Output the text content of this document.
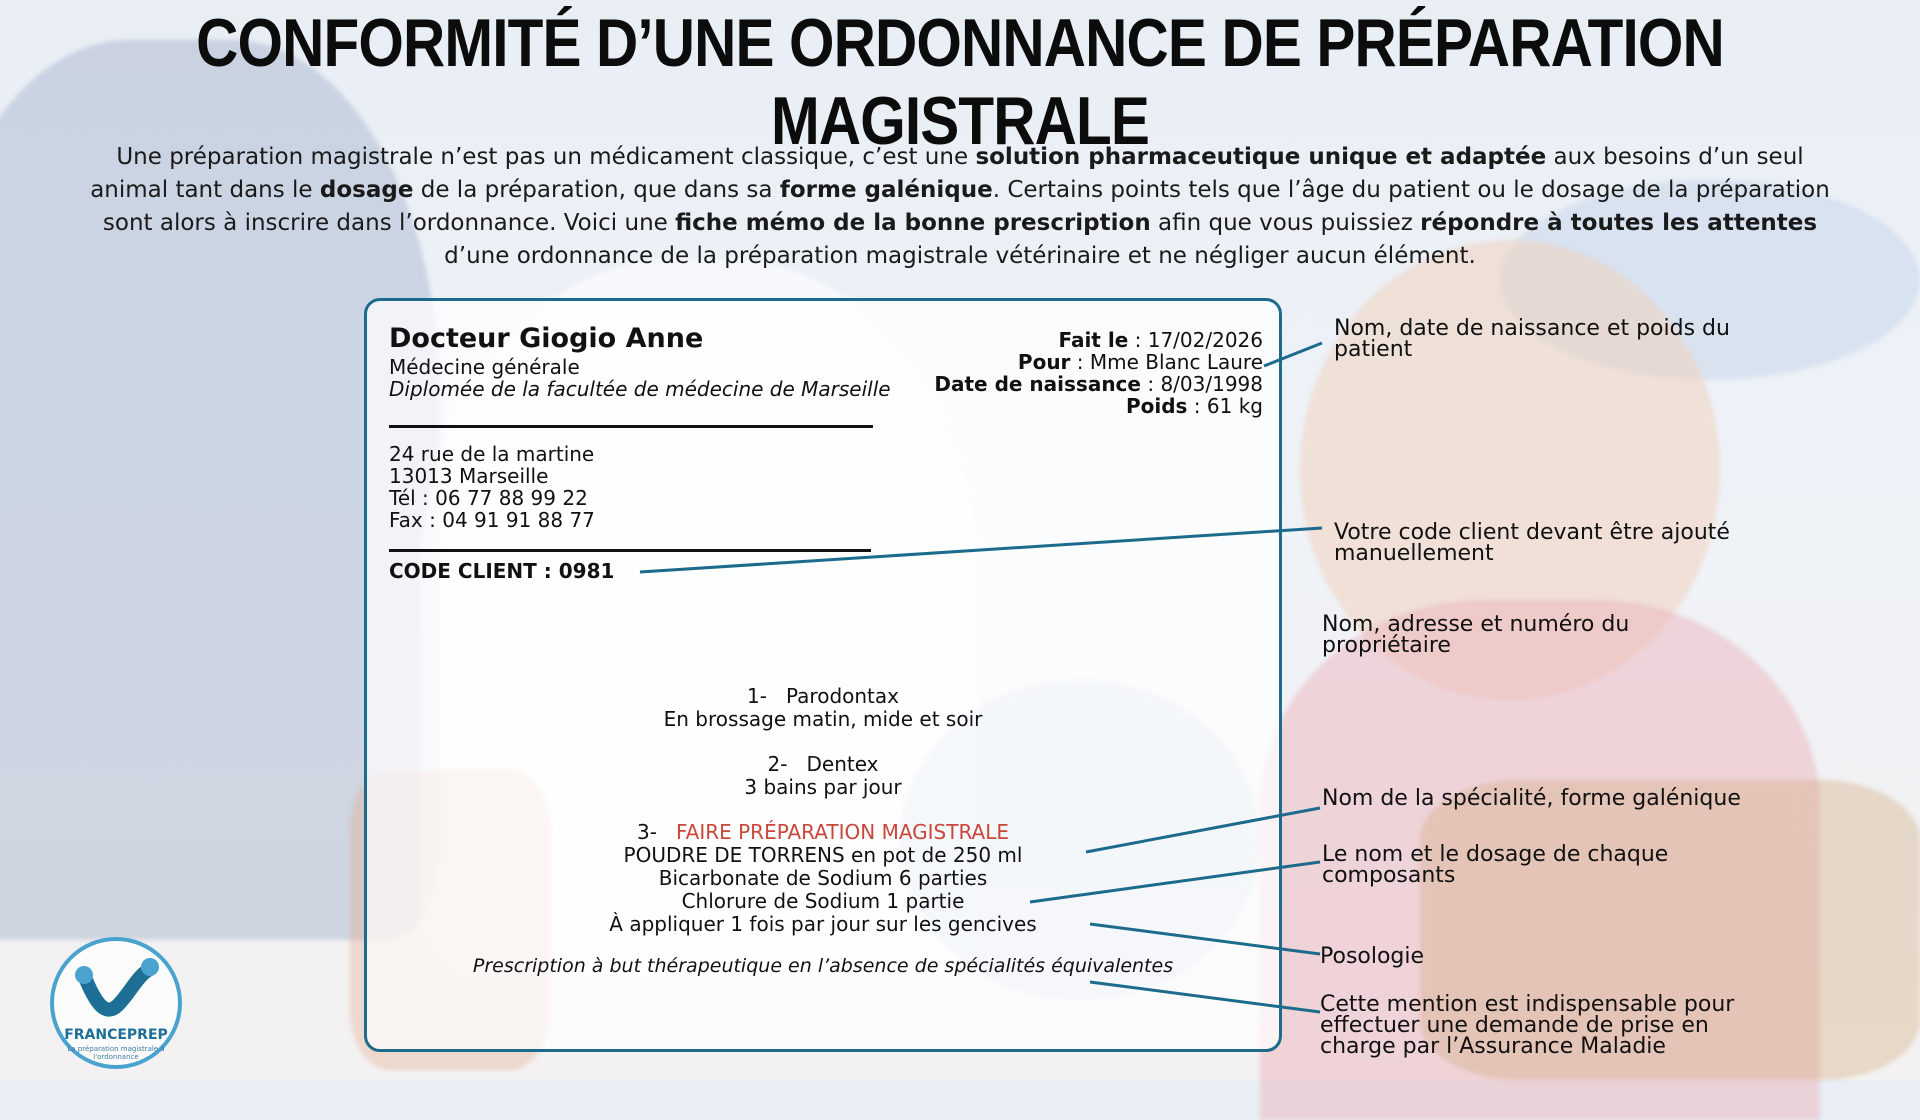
CONFORMITÉ D’UNE ORDONNANCE DE PRÉPARATION MAGISTRALE

Une préparation magistrale n’est pas un médicament classique, c’est une solution pharmaceutique unique et adaptée aux besoins d’un seul animal tant dans le dosage de la préparation, que dans sa forme galénique. Certains points tels que l’âge du patient ou le dosage de la préparation sont alors à inscrire dans l’ordonnance. Voici une fiche mémo de la bonne prescription afin que vous puissiez répondre à toutes les attentes d’une ordonnance de la préparation magistrale vétérinaire et ne négliger aucun élément.

Docteur Giogio Anne
Médecine générale
Diplomée de la facultée de médecine de Marseille
24 rue de la martine
13013 Marseille
Tél : 06 77 88 99 22
Fax : 04 91 91 88 77
CODE CLIENT : 0981
Fait le : 17/02/2026
Pour : Mme Blanc Laure
Date de naissance : 8/03/1998
Poids : 61 kg
1-   Parodontax
En brossage matin, mide et soir
2-   Dentex
3 bains par jour
3-   FAIRE PRÉPARATION MAGISTRALE
POUDRE DE TORRENS en pot de 250 ml
Bicarbonate de Sodium 6 parties
Chlorure de Sodium 1 partie
À appliquer 1 fois par jour sur les gencives
Prescription à but thérapeutique en l’absence de spécialités équivalentes
Nom, date de naissance et poids du patient
Votre code client devant être ajouté manuellement
Nom, adresse et numéro du propriétaire
Nom de la spécialité, forme galénique
Le nom et le dosage de chaque composants
Posologie
Cette mention est indispensable pour effectuer une demande de prise en charge par l’Assurance Maladie
FRANCEPREP
La préparation magistrale à l'ordonnance
